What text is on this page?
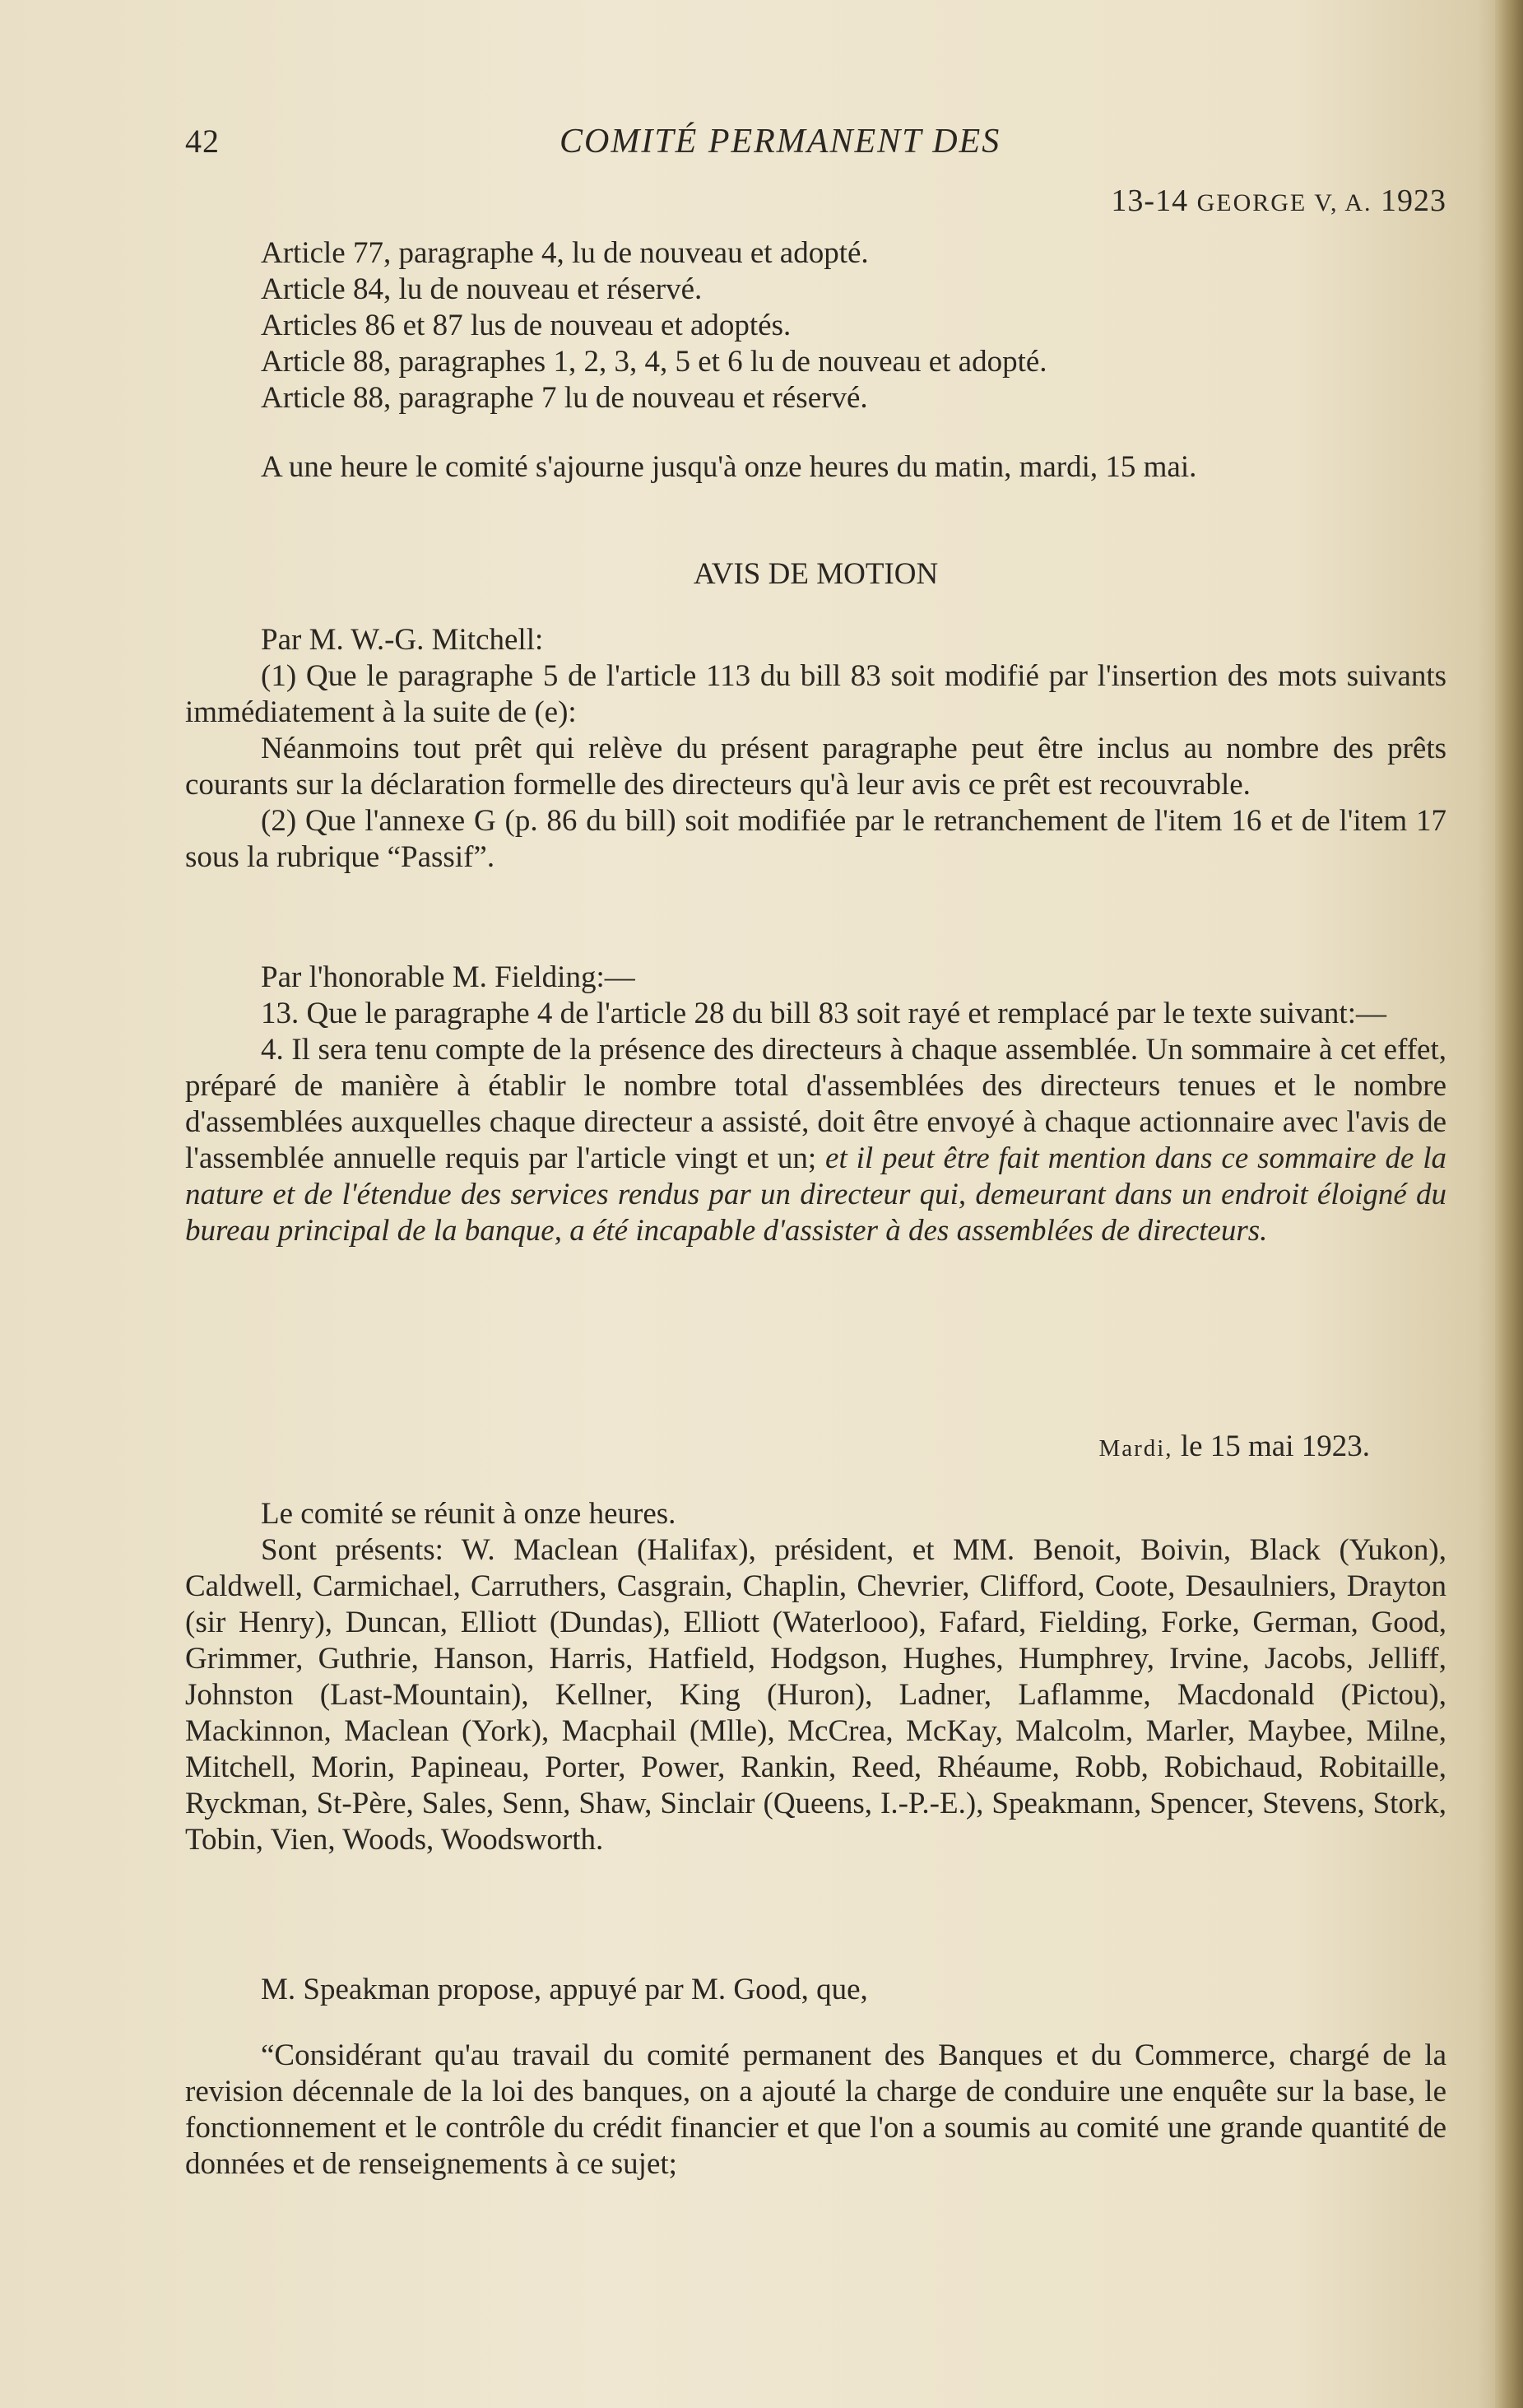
42	COMITÉ PERMANENT DES
13-14 GEORGE V, A. 1923

Article 77, paragraphe 4, lu de nouveau et adopté.

Article 84, lu de nouveau et réservé.

Articles 86 et 87 lus de nouveau et adoptés.

Article 88, paragraphes 1, 2, 3, 4, 5 et 6 lu de nouveau et adopté.

Article 88, paragraphe 7 lu de nouveau et réservé.

A une heure le comité s'ajourne jusqu'à onze heures du matin, mardi, 15 mai.

AVIS DE MOTION

Par M. W.-G. Mitchell:

(1) Que le paragraphe 5 de l'article 113 du bill 83 soit modifié par l'insertion des mots suivants immédiatement à la suite de (e):

Néanmoins tout prêt qui relève du présent paragraphe peut être inclus au nombre des prêts courants sur la déclaration formelle des directeurs qu'à leur avis ce prêt est recouvrable.

(2) Que l'annexe G (p. 86 du bill) soit modifiée par le retranchement de l'item 16 et de l'item 17 sous la rubrique “Passif”.

Par l'honorable M. Fielding:—

13. Que le paragraphe 4 de l'article 28 du bill 83 soit rayé et remplacé par le texte suivant:—

4. Il sera tenu compte de la présence des directeurs à chaque assemblée. Un sommaire à cet effet, préparé de manière à établir le nombre total d'assemblées des directeurs tenues et le nombre d'assemblées auxquelles chaque directeur a assisté, doit être envoyé à chaque actionnaire avec l'avis de l'assemblée annuelle requis par l'article vingt et un; et il peut être fait mention dans ce sommaire de la nature et de l'étendue des services rendus par un directeur qui, demeurant dans un endroit éloigné du bureau principal de la banque, a été incapable d'assister à des assemblées de directeurs.

Mardi, le 15 mai 1923.

Le comité se réunit à onze heures.

Sont présents: W. Maclean (Halifax), président, et MM. Benoit, Boivin, Black (Yukon), Caldwell, Carmichael, Carruthers, Casgrain, Chaplin, Chevrier, Clifford, Coote, Desaulniers, Drayton (sir Henry), Duncan, Elliott (Dundas), Elliott (Waterlooo), Fafard, Fielding, Forke, German, Good, Grimmer, Guthrie, Hanson, Harris, Hatfield, Hodgson, Hughes, Humphrey, Irvine, Jacobs, Jelliff, Johnston (Last-Mountain), Kellner, King (Huron), Ladner, Laflamme, Macdonald (Pictou), Mackinnon, Maclean (York), Macphail (Mlle), McCrea, McKay, Malcolm, Marler, Maybee, Milne, Mitchell, Morin, Papineau, Porter, Power, Rankin, Reed, Rhéaume, Robb, Robichaud, Robitaille, Ryckman, St-Père, Sales, Senn, Shaw, Sinclair (Queens, I.-P.-E.), Speakmann, Spencer, Stevens, Stork, Tobin, Vien, Woods, Woodsworth.

M. Speakman propose, appuyé par M. Good, que,

“Considérant qu'au travail du comité permanent des Banques et du Commerce, chargé de la revision décennale de la loi des banques, on a ajouté la charge de conduire une enquête sur la base, le fonctionnement et le contrôle du crédit financier et que l'on a soumis au comité une grande quantité de données et de renseignements à ce sujet;
